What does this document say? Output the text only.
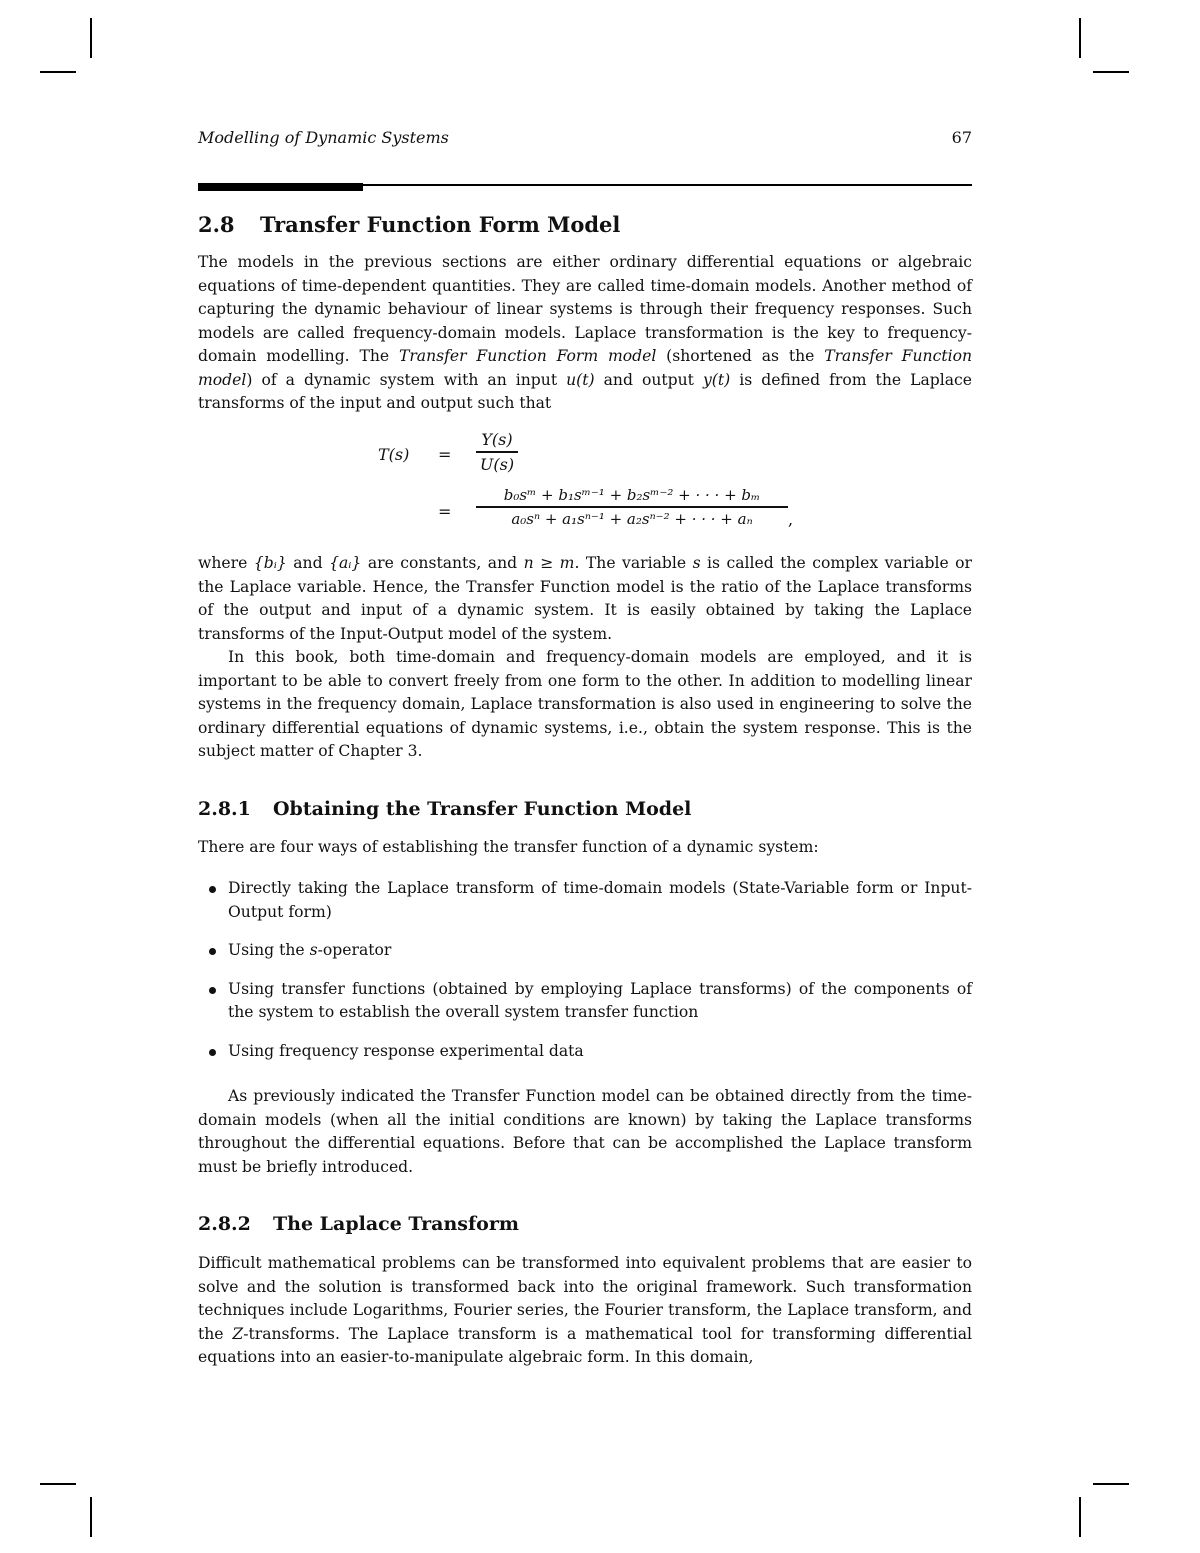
Modelling of Dynamic Systems	67
2.8 Transfer Function Form Model

The models in the previous sections are either ordinary differential equations or algebraic equations of time-dependent quantities. They are called time-domain models. Another method of capturing the dynamic behaviour of linear systems is through their frequency responses. Such models are called frequency-domain models. Laplace transformation is the key to frequency-domain modelling. The Transfer Function Form model (shortened as the Transfer Function model) of a dynamic system with an input u(t) and output y(t) is defined from the Laplace transforms of the input and output such that

T(s) =
Y(s)
U(s)
=
b₀sᵐ + b₁sᵐ⁻¹ + b₂sᵐ⁻² + · · · + bₘ
a₀sⁿ + a₁sⁿ⁻¹ + a₂sⁿ⁻² + · · · + aₙ	,

where {bᵢ} and {aᵢ} are constants, and n ≥ m. The variable s is called the complex variable or the Laplace variable. Hence, the Transfer Function model is the ratio of the Laplace transforms of the output and input of a dynamic system. It is easily obtained by taking the Laplace transforms of the Input-Output model of the system.

In this book, both time-domain and frequency-domain models are employed, and it is important to be able to convert freely from one form to the other. In addition to modelling linear systems in the frequency domain, Laplace transformation is also used in engineering to solve the ordinary differential equations of dynamic systems, i.e., obtain the system response. This is the subject matter of Chapter 3.

2.8.1 Obtaining the Transfer Function Model

There are four ways of establishing the transfer function of a dynamic system:

Directly taking the Laplace transform of time-domain models (State-Variable form or Input-Output form)
Using the s-operator
Using transfer functions (obtained by employing Laplace transforms) of the components of the system to establish the overall system transfer function
Using frequency response experimental data

As previously indicated the Transfer Function model can be obtained directly from the time-domain models (when all the initial conditions are known) by taking the Laplace transforms throughout the differential equations. Before that can be accomplished the Laplace transform must be briefly introduced.

2.8.2 The Laplace Transform

Difficult mathematical problems can be transformed into equivalent problems that are easier to solve and the solution is transformed back into the original framework. Such transformation techniques include Logarithms, Fourier series, the Fourier transform, the Laplace transform, and the Z-transforms. The Laplace transform is a mathematical tool for transforming differential equations into an easier-to-manipulate algebraic form. In this domain,
